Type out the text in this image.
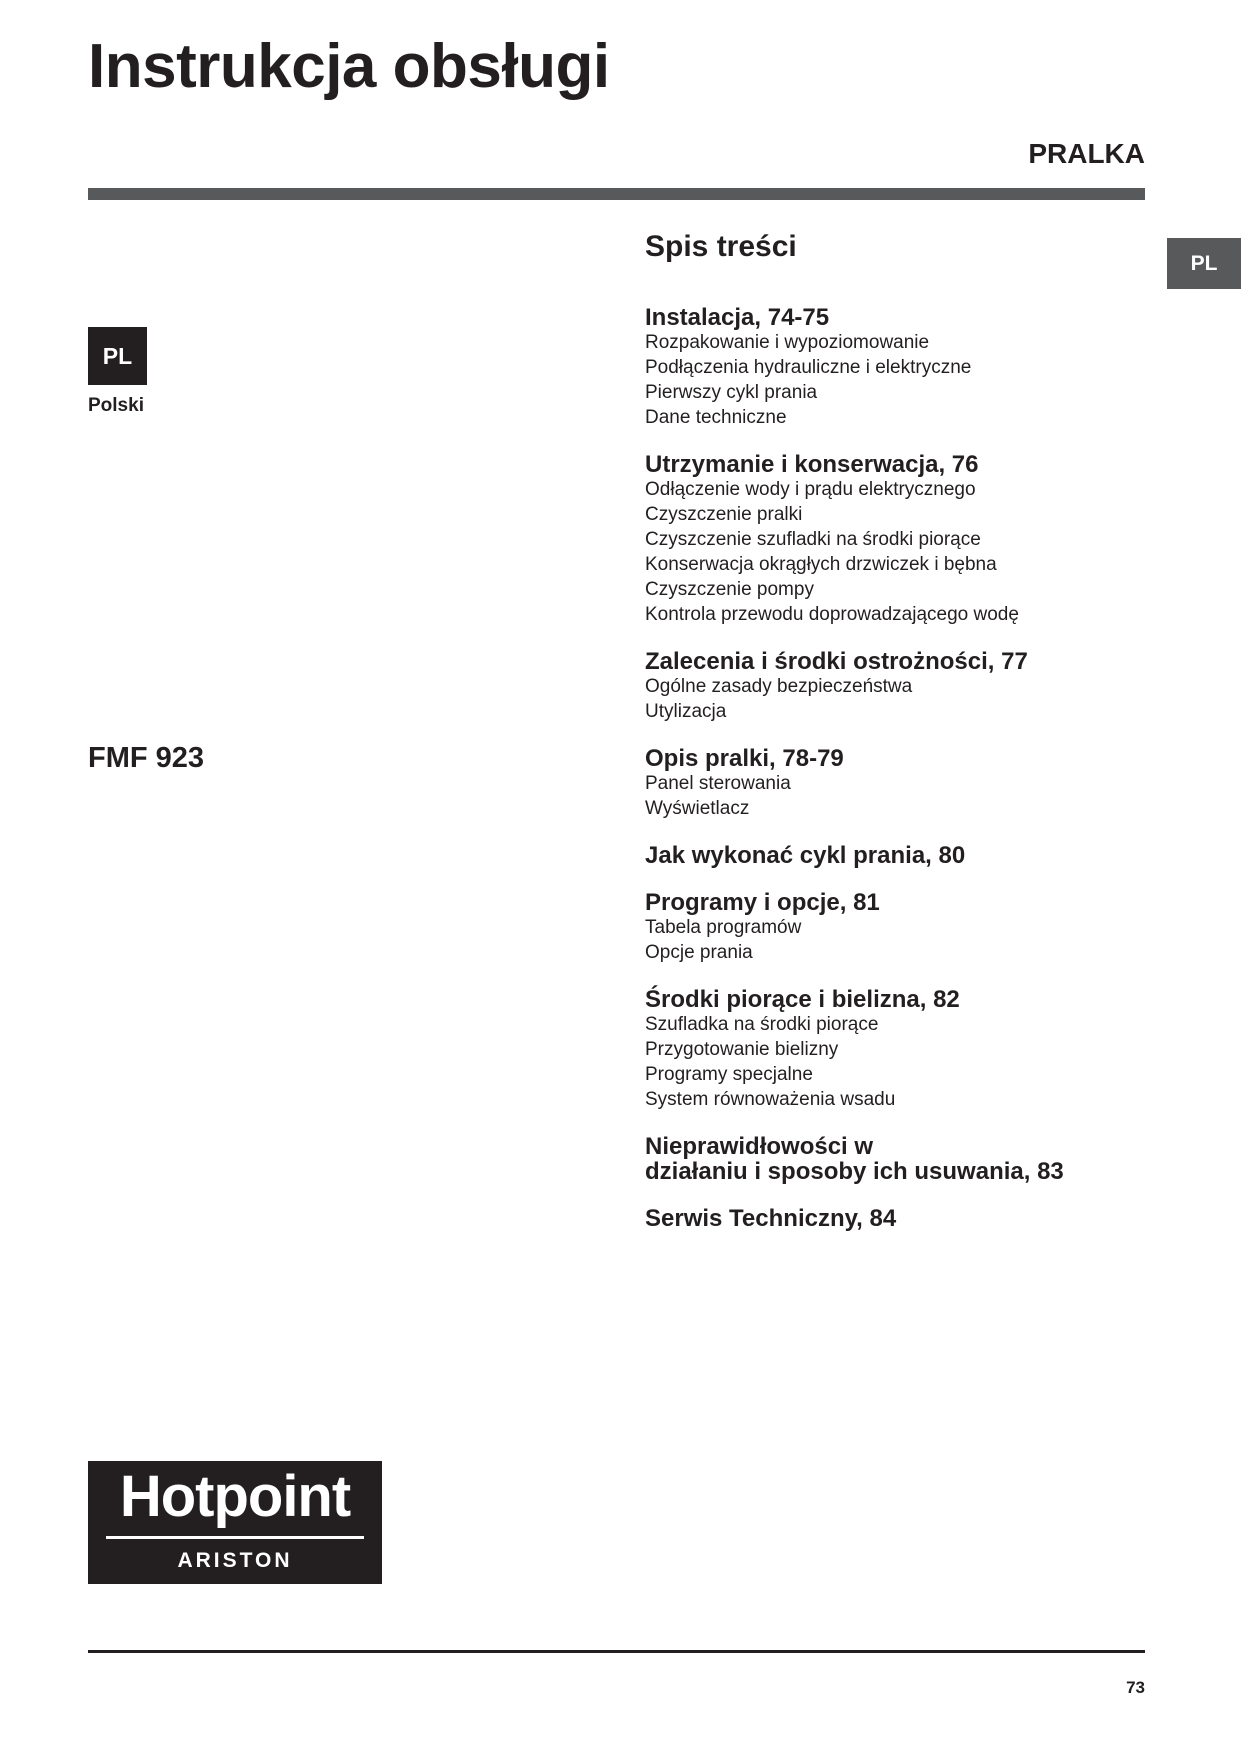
Instrukcja obsługi
PRALKA
PL
PL
Polski
FMF 923
Spis treści
Instalacja, 74-75
Rozpakowanie i wypoziomowanie
Podłączenia hydrauliczne i elektryczne
Pierwszy cykl prania
Dane techniczne
Utrzymanie i konserwacja, 76
Odłączenie wody i prądu elektrycznego
Czyszczenie pralki
Czyszczenie szufladki na środki piorące
Konserwacja okrągłych drzwiczek i bębna
Czyszczenie pompy
Kontrola przewodu doprowadzającego wodę
Zalecenia i środki ostrożności, 77
Ogólne zasady bezpieczeństwa
Utylizacja
Opis pralki, 78-79
Panel sterowania
Wyświetlacz
Jak wykonać cykl prania, 80
Programy i opcje, 81
Tabela programów
Opcje prania
Środki piorące i bielizna, 82
Szufladka na środki piorące
Przygotowanie bielizny
Programy specjalne
System równoważenia wsadu
Nieprawidłowości w
działaniu i sposoby ich usuwania, 83
Serwis Techniczny, 84
Hotpoint
ARISTON
73
